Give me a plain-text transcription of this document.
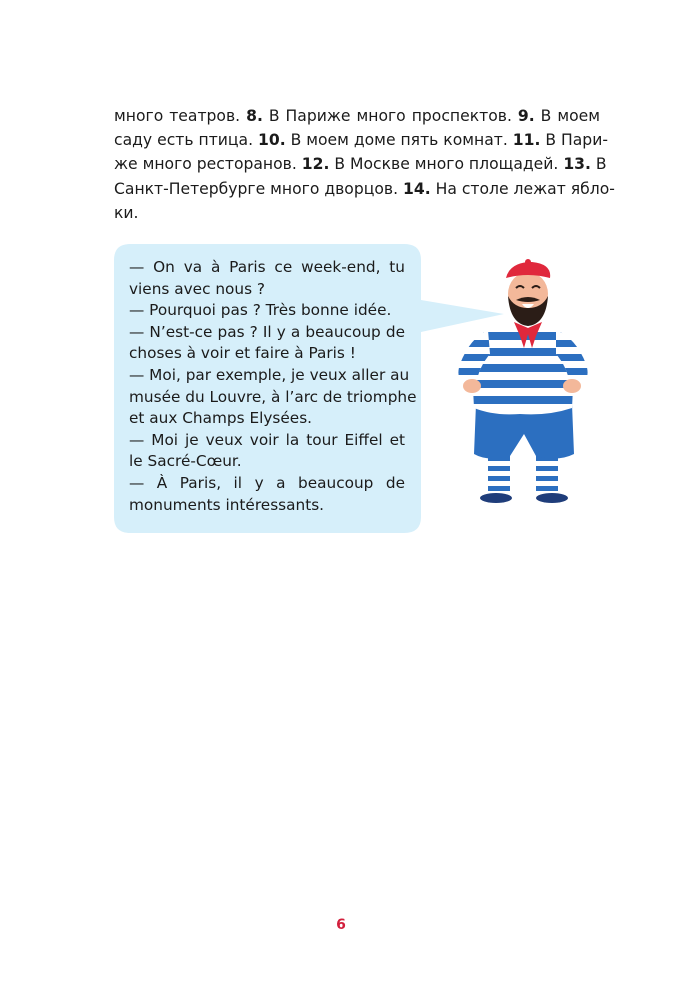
много театров. 8. В Париже много проспектов. 9. В моем
саду есть птица. 10. В моем доме пять комнат. 11. В Пари-
же много ресторанов. 12. В Москве много площадей. 13. В
Санкт-Петербурге много дворцов. 14. На столе лежат ябло-
ки.
— On va à Paris ce week-end, tu
viens avec nous ?
— Pourquoi pas ? Très bonne idée.
— N’est-ce pas ? Il y a beaucoup de
choses à voir et faire à Paris !
— Moi, par exemple, je veux aller au
musée du Louvre, à l’arc de triomphe
et aux Champs Elysées.
— Moi je veux voir la tour Eiffel et
le Sacré-Cœur.
— À Paris, il y a beaucoup de
monuments intéressants.
6
